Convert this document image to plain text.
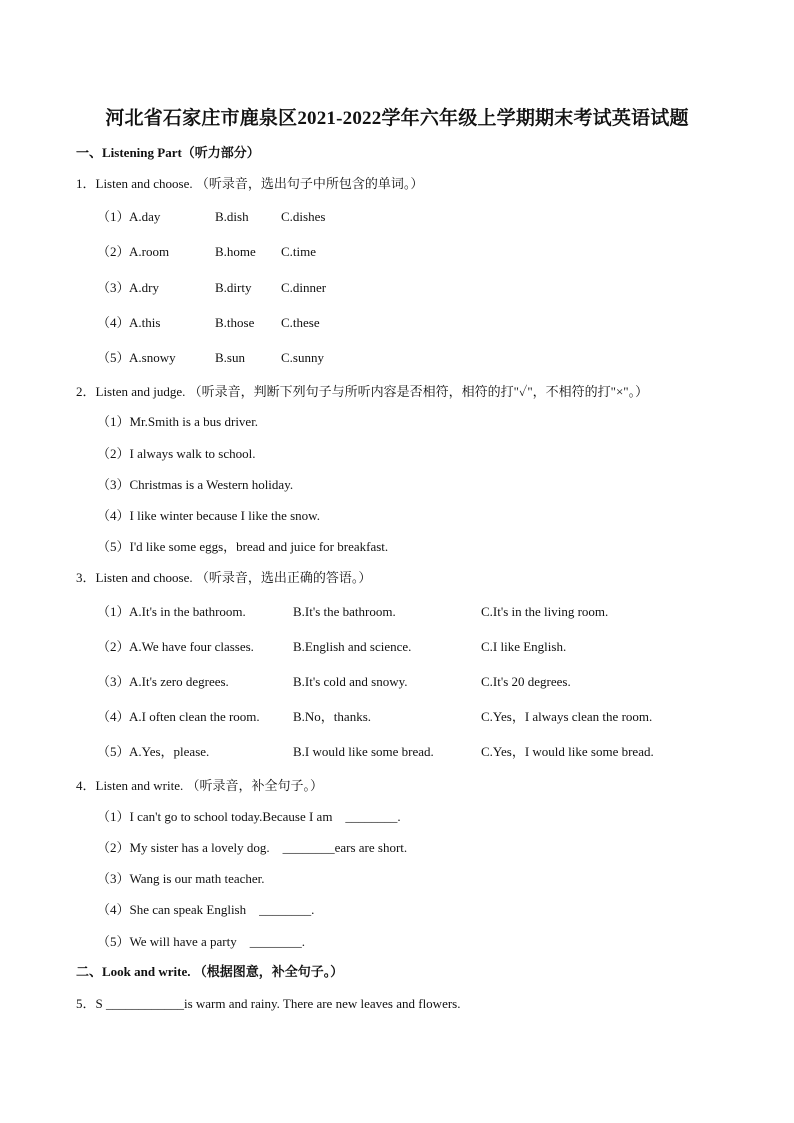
河北省石家庄市鹿泉区2021-2022学年六年级上学期期末考试英语试题
一、Listening Part（听力部分）
1．Listen and choose. （听录音，选出句子中所包含的单词。）
（1） A.day	B.dish C.dishes
（2） A.room	B.home C.time
（3） A.dry	B.dirty C.dinner
（4） A.this	B.those C.these
（5） A.snowy	B.sun	C.sunny
2．Listen and judge. （听录音，判断下列句子与所听内容是否相符，相符的打"✓"，不相符的打"×"。）
（1）Mr.Smith is a bus driver.
（2）I always walk to school.
（3）Christmas is a Western holiday.
（4）I like winter because I like the snow.
（5）I'd like some eggs，bread and juice for breakfast.
3．Listen and choose. （听录音，选出正确的答语。）
（1） A.It's in the bathroom.	B.It's the bathroom.	C.It's in the living room.
（2） A.We have four classes.	B.English and science.	C.I like English.
（3） A.It's zero degrees.	B.It's cold and snowy.	C.It's 20 degrees.
（4） A.I often clean the room.	B.No，thanks.	C.Yes，I always clean the room.
（5） A.Yes，please.	B.I would like some bread.	C.Yes，I would like some bread.
4．Listen and write. （听录音，补全句子。）
（1）I can't go to school today.Because I am　________.
（2）My sister has a lovely dog.　________ears are short.
（3）Wang is our math teacher.
（4）She can speak English　________.
（5）We will have a party　________.
二、Look and write. （根据图意，补全句子。）
5．S ____________is warm and rainy. There are new leaves and flowers.
